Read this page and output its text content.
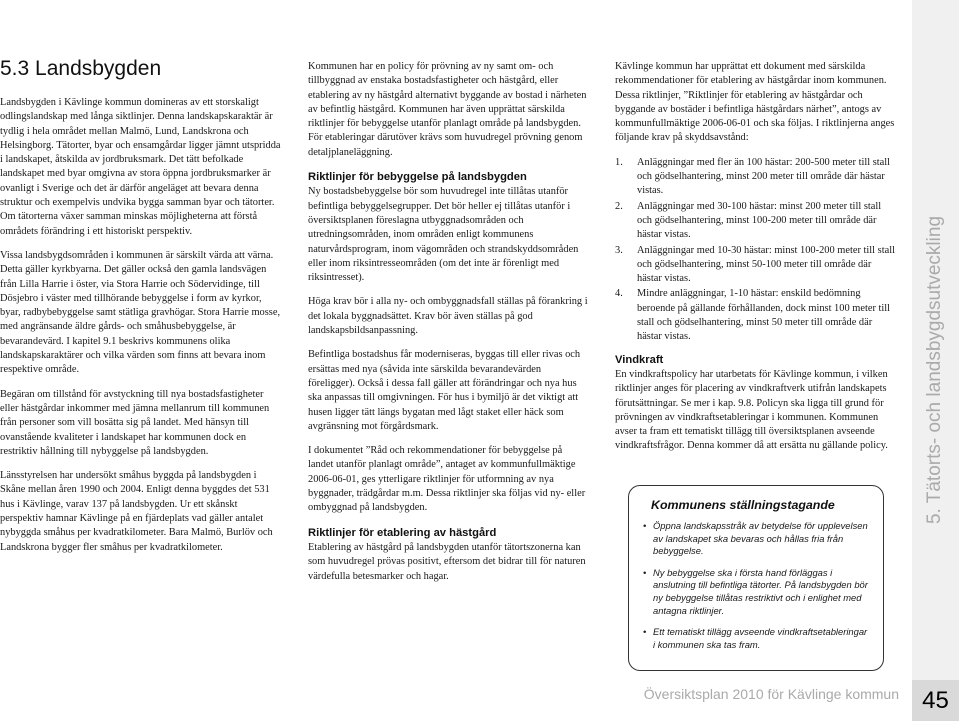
5.3 Landsbygden

Landsbygden i Kävlinge kommun domineras av ett storskaligt odlingslandskap med långa siktlinjer. Denna landskapskaraktär är tydlig i hela området mellan Malmö, Lund, Landskrona och Helsingborg. Tätorter, byar och ensamgårdar ligger jämnt utspridda i landskapet, åtskilda av jordbruksmark. Det tätt befolkade landskapet med byar omgivna av stora öppna jordbruksmarker är ovanligt i Sverige och det är därför angeläget att bevara denna struktur och exempelvis undvika bygga samman byar och tätorter. Om tätorterna växer samman minskas möjligheterna att förstå områdets förändring i ett historiskt perspektiv.

Vissa landsbygdsområden i kommunen är särskilt värda att värna. Detta gäller kyrkbyarna. Det gäller också den gamla landsvägen från Lilla Harrie i öster, via Stora Harrie och Södervidinge, till Dösjebro i väster med tillhörande bebyggelse i form av kyrkor, byar, radbybebyggelse samt stätliga gravhögar. Stora Harrie mosse, med angränsande äldre gårds- och småhusbebyggelse, är bevarandevärd. I kapitel 9.1 beskrivs kommunens olika landskapskaraktärer och vilka värden som finns att bevara inom respektive område.

Begäran om tillstånd för avstyckning till nya bostadsfastigheter eller hästgårdar inkommer med jämna mellanrum till kommunen från personer som vill bosätta sig på landet. Med hänsyn till ovanstående kvaliteter i landskapet har kommunen dock en restriktiv hållning till nybyggelse på landsbygden.

Länsstyrelsen har undersökt småhus byggda på landsbygden i Skåne mellan åren 1990 och 2004. Enligt denna byggdes det 531 hus i Kävlinge, varav 137 på landsbygden. Ur ett skånskt perspektiv hamnar Kävlinge på en fjärdeplats vad gäller antalet nybyggda småhus per kvadratkilometer. Bara Malmö, Burlöv och Landskrona bygger fler småhus per kvadratkilometer.

Kommunen har en policy för prövning av ny samt om- och tillbyggnad av enstaka bostadsfastigheter och hästgård, eller etablering av ny hästgård alternativt byggande av bostad i närheten av befintlig hästgård. Kommunen har även upprättat särskilda riktlinjer för bebyggelse utanför planlagt område på landsbygden. För etableringar därutöver krävs som huvudregel prövning genom detaljplaneläggning.

Riktlinjer för bebyggelse på landsbygden

Ny bostadsbebyggelse bör som huvudregel inte tillåtas utanför befintliga bebyggelsegrupper. Det bör heller ej tillåtas utanför i översiktsplanen föreslagna utbyggnadsområden och utredningsområden, inom områden enligt kommunens naturvårdsprogram, inom vägområden och strandskyddsområden eller inom riksintresseområden (om det inte är förenligt med riksintresset).

Höga krav bör i alla ny- och ombyggnadsfall ställas på förankring i det lokala byggnadsättet. Krav bör även ställas på god landskapsbildsanpassning.

Befintliga bostadshus får moderniseras, byggas till eller rivas och ersättas med nya (såvida inte särskilda bevarandevärden föreligger). Också i dessa fall gäller att förändringar och nya hus ska anpassas till omgivningen. För hus i bymiljö är det viktigt att husen ligger tätt längs bygatan med lågt staket eller häck som avgränsning mot förgårdsmark.

I dokumentet ”Råd och rekommendationer för bebyggelse på landet utanför planlagt område”, antaget av kommunfullmäktige 2006-06-01, ges ytterligare riktlinjer för utformning av nya byggnader, trädgårdar m.m. Dessa riktlinjer ska följas vid ny- eller ombyggnad på landsbygden.

Riktlinjer för etablering av hästgård

Etablering av hästgård på landsbygden utanför tätortszonerna kan som huvudregel prövas positivt, eftersom det bidrar till för naturen värdefulla betesmarker och hagar.

Kävlinge kommun har upprättat ett dokument med särskilda rekommendationer för etablering av hästgårdar inom kommunen. Dessa riktlinjer, ”Riktlinjer för etablering av hästgårdar och byggande av bostäder i befintliga hästgårdars närhet”, antogs av kommunfullmäktige 2006-06-01 och ska följas. I riktlinjerna anges följande krav på skyddsavstånd:

1. Anläggningar med fler än 100 hästar: 200-500 meter till stall och gödselhantering, minst 200 meter till område där hästar vistas.
2. Anläggningar med 30-100 hästar: minst 200 meter till stall och gödselhantering, minst 100-200 meter till område där hästar vistas.
3. Anläggningar med 10-30 hästar: minst 100-200 meter till stall och gödselhantering, minst 50-100 meter till område där hästar vistas.
4. Mindre anläggningar, 1-10 hästar: enskild bedömning beroende på gällande förhållanden, dock minst 100 meter till stall och gödselhantering, minst 50 meter till område där hästar vistas.
Vindkraft

En vindkraftspolicy har utarbetats för Kävlinge kommun, i vilken riktlinjer anges för placering av vindkraftverk utifrån landskapets förutsättningar. Se mer i kap. 9.8. Policyn ska ligga till grund för prövningen av vindkraftsetableringar i kommunen. Kommunen avser ta fram ett tematiskt tillägg till översiktsplanen avseende vindkraftsfrågor. Denna kommer då att ersätta nu gällande policy.

Kommunens ställningstagande
• Öppna landskapsstråk av betydelse för upplevelsen av landskapet ska bevaras och hållas fria från bebyggelse.
• Ny bebyggelse ska i första hand förläggas i anslutning till befintliga tätorter. På landsbygden bör ny bebyggelse tillåtas restriktivt och i enlighet med antagna riktlinjer.
• Ett tematiskt tillägg avseende vindkraftsetableringar i kommunen ska tas fram.
5. Tätorts- och landsbygdsutveckling
Översiktsplan 2010 för Kävlinge kommun 45
